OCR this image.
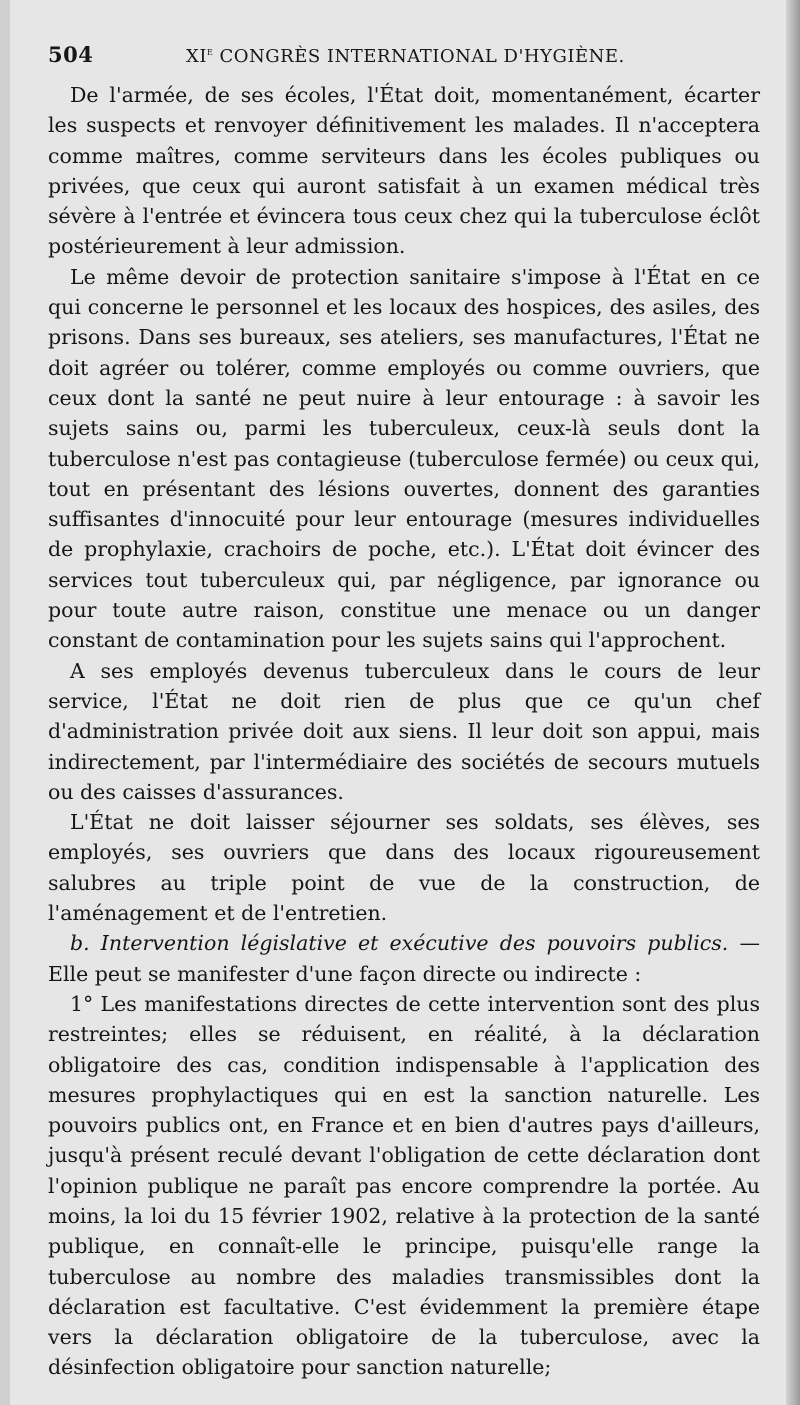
504	XIe CONGRÈS INTERNATIONAL D'HYGIÈNE.

De l'armée, de ses écoles, l'État doit, momentanément, écarter les suspects et renvoyer définitivement les malades. Il n'acceptera comme maîtres, comme serviteurs dans les écoles publiques ou privées, que ceux qui auront satisfait à un examen médical très sévère à l'entrée et évincera tous ceux chez qui la tuberculose éclôt postérieurement à leur admission.

Le même devoir de protection sanitaire s'impose à l'État en ce qui concerne le personnel et les locaux des hospices, des asiles, des prisons. Dans ses bureaux, ses ateliers, ses manufactures, l'État ne doit agréer ou tolérer, comme employés ou comme ouvriers, que ceux dont la santé ne peut nuire à leur entourage : à savoir les sujets sains ou, parmi les tuberculeux, ceux-là seuls dont la tuberculose n'est pas contagieuse (tuberculose fermée) ou ceux qui, tout en présentant des lésions ouvertes, donnent des garanties suffisantes d'innocuité pour leur entourage (mesures individuelles de prophylaxie, crachoirs de poche, etc.). L'État doit évincer des services tout tuberculeux qui, par négligence, par ignorance ou pour toute autre raison, constitue une menace ou un danger constant de contamination pour les sujets sains qui l'approchent.

A ses employés devenus tuberculeux dans le cours de leur service, l'État ne doit rien de plus que ce qu'un chef d'administration privée doit aux siens. Il leur doit son appui, mais indirectement, par l'intermédiaire des sociétés de secours mutuels ou des caisses d'assurances.

L'État ne doit laisser séjourner ses soldats, ses élèves, ses employés, ses ouvriers que dans des locaux rigoureusement salubres au triple point de vue de la construction, de l'aménagement et de l'entretien.

b. Intervention législative et exécutive des pouvoirs publics. — Elle peut se manifester d'une façon directe ou indirecte :

1° Les manifestations directes de cette intervention sont des plus restreintes; elles se réduisent, en réalité, à la déclaration obligatoire des cas, condition indispensable à l'application des mesures prophylactiques qui en est la sanction naturelle. Les pouvoirs publics ont, en France et en bien d'autres pays d'ailleurs, jusqu'à présent reculé devant l'obligation de cette déclaration dont l'opinion publique ne paraît pas encore comprendre la portée. Au moins, la loi du 15 février 1902, relative à la protection de la santé publique, en connaît-elle le principe, puisqu'elle range la tuberculose au nombre des maladies transmissibles dont la déclaration est facultative. C'est évidemment la première étape vers la déclaration obligatoire de la tuberculose, avec la désinfection obligatoire pour sanction naturelle;
